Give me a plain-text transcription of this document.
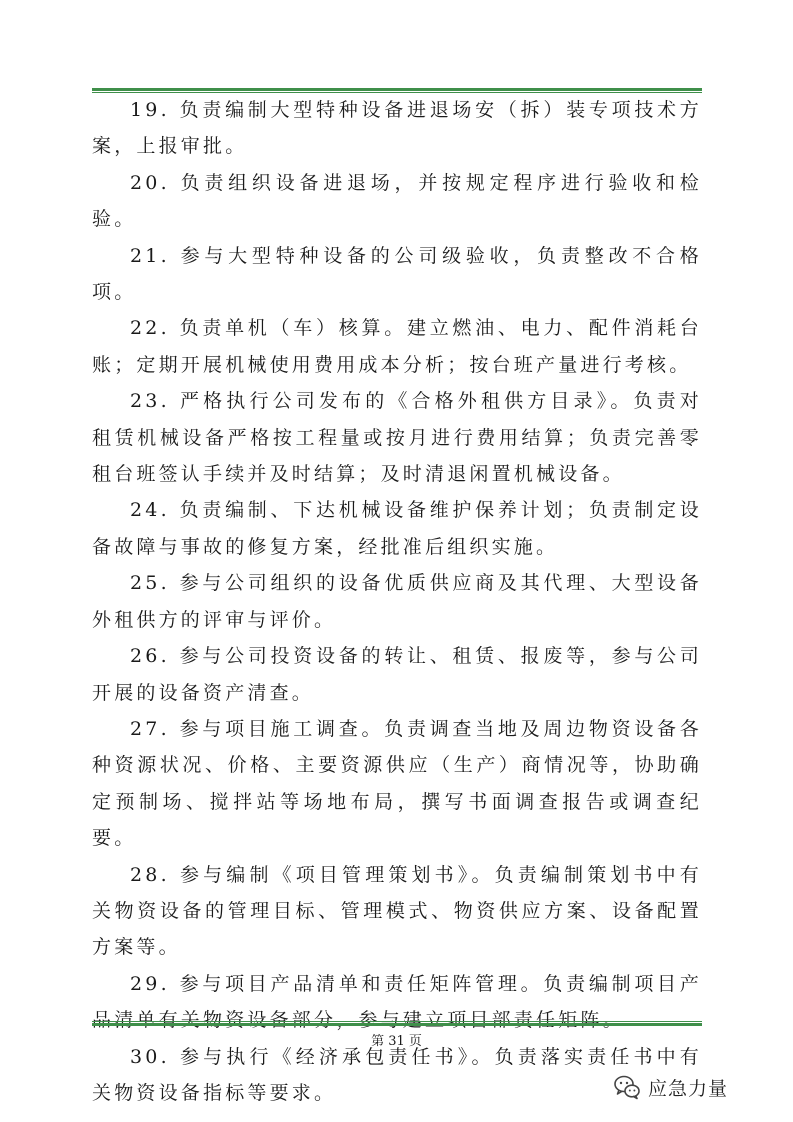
19. 负责编制大型特种设备进退场安（拆）装专项技术方案，上报审批。

20. 负责组织设备进退场，并按规定程序进行验收和检验。

21. 参与大型特种设备的公司级验收，负责整改不合格项。

22. 负责单机（车）核算。建立燃油、电力、配件消耗台账；定期开展机械使用费用成本分析；按台班产量进行考核。

23. 严格执行公司发布的《合格外租供方目录》。负责对租赁机械设备严格按工程量或按月进行费用结算；负责完善零租台班签认手续并及时结算；及时清退闲置机械设备。

24. 负责编制、下达机械设备维护保养计划；负责制定设备故障与事故的修复方案，经批准后组织实施。

25. 参与公司组织的设备优质供应商及其代理、大型设备外租供方的评审与评价。

26. 参与公司投资设备的转让、租赁、报废等，参与公司开展的设备资产清查。

27. 参与项目施工调查。负责调查当地及周边物资设备各种资源状况、价格、主要资源供应（生产）商情况等，协助确定预制场、搅拌站等场地布局，撰写书面调查报告或调查纪要。

28. 参与编制《项目管理策划书》。负责编制策划书中有关物资设备的管理目标、管理模式、物资供应方案、设备配置方案等。

29. 参与项目产品清单和责任矩阵管理。负责编制项目产

30. 参与执行《经济承包责任书》。负责落实责任书中有关物资设备指标等要求。

第 31 页
应急力量
